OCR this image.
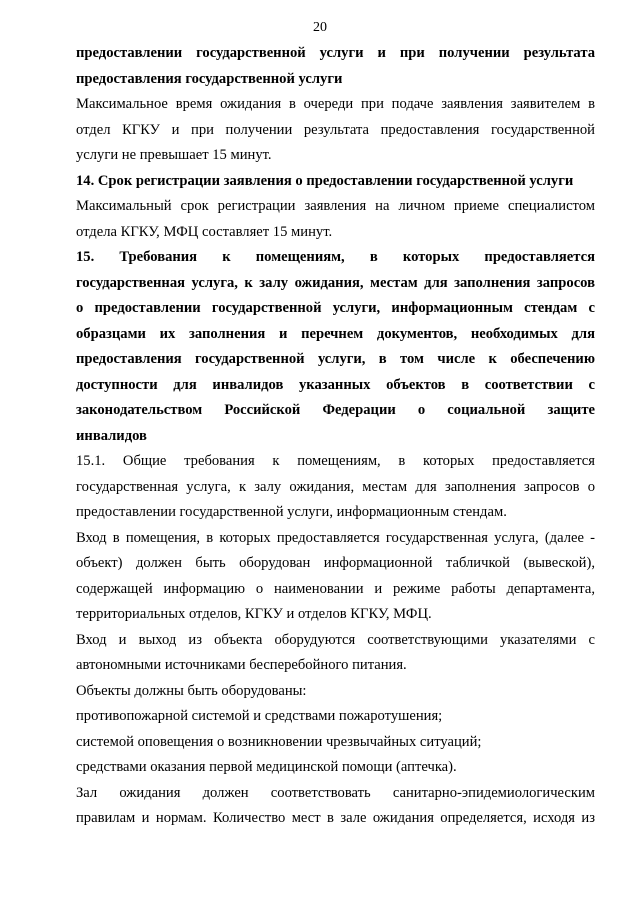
20
предоставлении государственной услуги и при получении результата
предоставления государственной услуги
Максимальное время ожидания в очереди при подаче заявления заявителем в
отдел КГКУ и при получении результата предоставления государственной
услуги не превышает 15 минут.
14. Срок регистрации заявления о предоставлении государственной услуги
Максимальный срок регистрации заявления на личном приеме специалистом
отдела КГКУ, МФЦ составляет 15 минут.
15. Требования к помещениям, в которых предоставляется
государственная услуга, к залу ожидания, местам для заполнения запросов
о предоставлении государственной услуги, информационным стендам с
образцами их заполнения и перечнем документов, необходимых для
предоставления государственной услуги, в том числе к обеспечению
доступности для инвалидов указанных объектов в соответствии с
законодательством Российской Федерации о социальной защите
инвалидов
15.1. Общие требования к помещениям, в которых предоставляется
государственная услуга, к залу ожидания, местам для заполнения запросов о
предоставлении государственной услуги, информационным стендам.
Вход в помещения, в которых предоставляется государственная услуга, (далее -
объект) должен быть оборудован информационной табличкой (вывеской),
содержащей информацию о наименовании и режиме работы департамента,
территориальных отделов, КГКУ и отделов КГКУ, МФЦ.
Вход и выход из объекта оборудуются соответствующими указателями с
автономными источниками бесперебойного питания.
Объекты должны быть оборудованы:
противопожарной системой и средствами пожаротушения;
системой оповещения о возникновении чрезвычайных ситуаций;
средствами оказания первой медицинской помощи (аптечка).
Зал ожидания должен соответствовать санитарно-эпидемиологическим
правилам и нормам. Количество мест в зале ожидания определяется, исходя из
